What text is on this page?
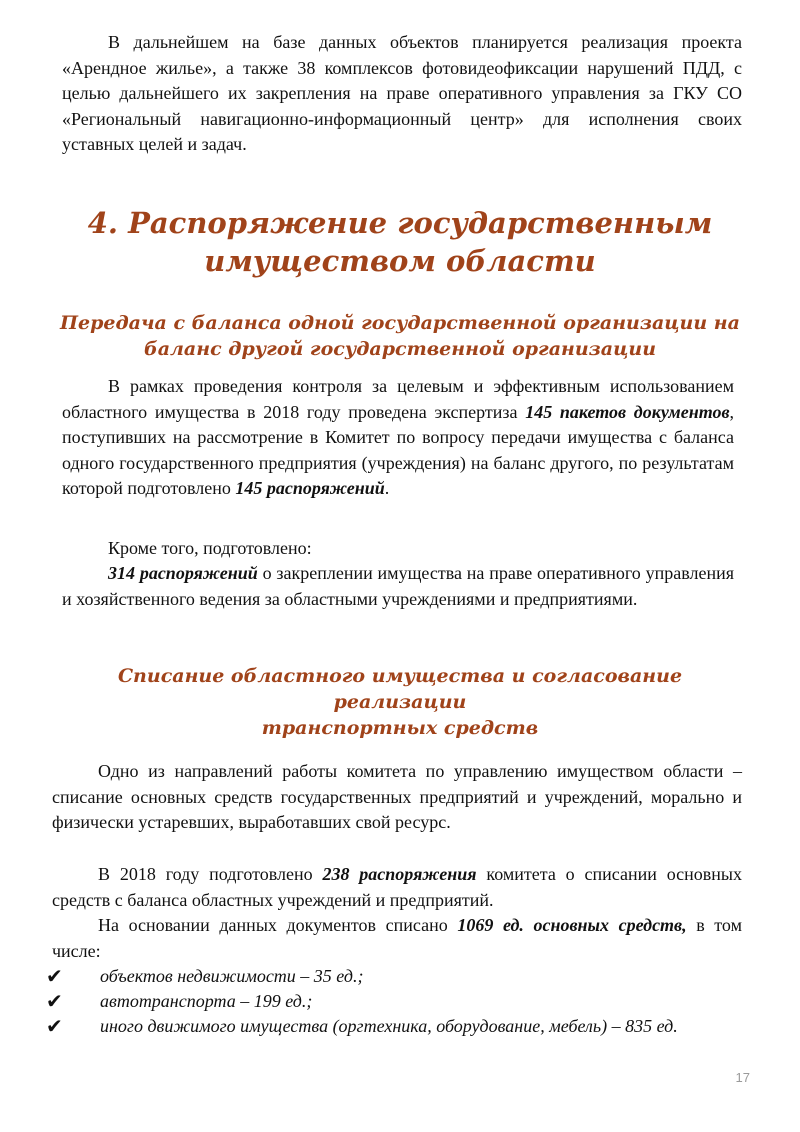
В дальнейшем на базе данных объектов планируется реализация проекта «Арендное жилье», а также 38 комплексов фотовидеофиксации нарушений ПДД, с целью дальнейшего их закрепления на праве оперативного управления за ГКУ СО «Региональный навигационно-информационный центр» для исполнения своих уставных целей и задач.

4. Распоряжение государственным
имуществом области
Передача с баланса одной государственной организации на
баланс другой государственной организации

В рамках проведения контроля за целевым и эффективным использованием областного имущества в 2018 году проведена экспертиза 145 пакетов документов, поступивших на рассмотрение в Комитет по вопросу передачи имущества с баланса одного государственного предприятия (учреждения) на баланс другого, по результатам которой подготовлено 145 распоряжений.

Кроме того, подготовлено:

314 распоряжений о закреплении имущества на праве оперативного управления и хозяйственного ведения за областными учреждениями и предприятиями.

Списание областного имущества и согласование реализации
транспортных средств

Одно из направлений работы комитета по управлению имуществом области – списание основных средств государственных предприятий и учреждений, морально и физически устаревших, выработавших свой ресурс.

В 2018 году подготовлено 238 распоряжения комитета о списании основных средств с баланса областных учреждений и предприятий.

На основании данных документов списано 1069 ед. основных средств, в том числе:

✔ объектов недвижимости – 35 ед.;
✔ автотранспорта – 199 ед.;
✔ иного движимого имущества (оргтехника, оборудование, мебель) – 835 ед.
17
